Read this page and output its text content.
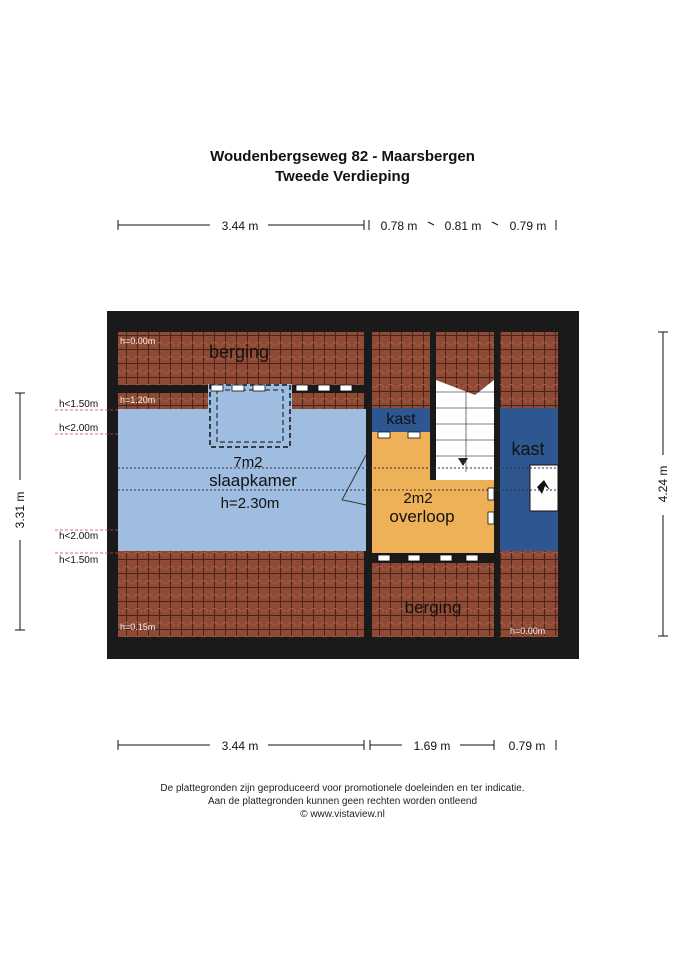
Woudenbergseweg 82 - Maarsbergen
Tweede Verdieping
3.44 m	0.78 m 0.81 m 0.79 m
berging
kast
kast
7m2
slaapkamer
h=2.30m	2m2
overloop
berging
h=0.00m
h=1.20m
h=0.15m	h=0.00m
h<1.50m
h<2.00m
h<2.00m
h<1.50m
3.31 m
4.24 m
3.44 m	1.69 m	0.79 m
De plattegronden zijn geproduceerd voor promotionele doeleinden en ter indicatie.
Aan de plattegronden kunnen geen rechten worden ontleend
© www.vistaview.nl
